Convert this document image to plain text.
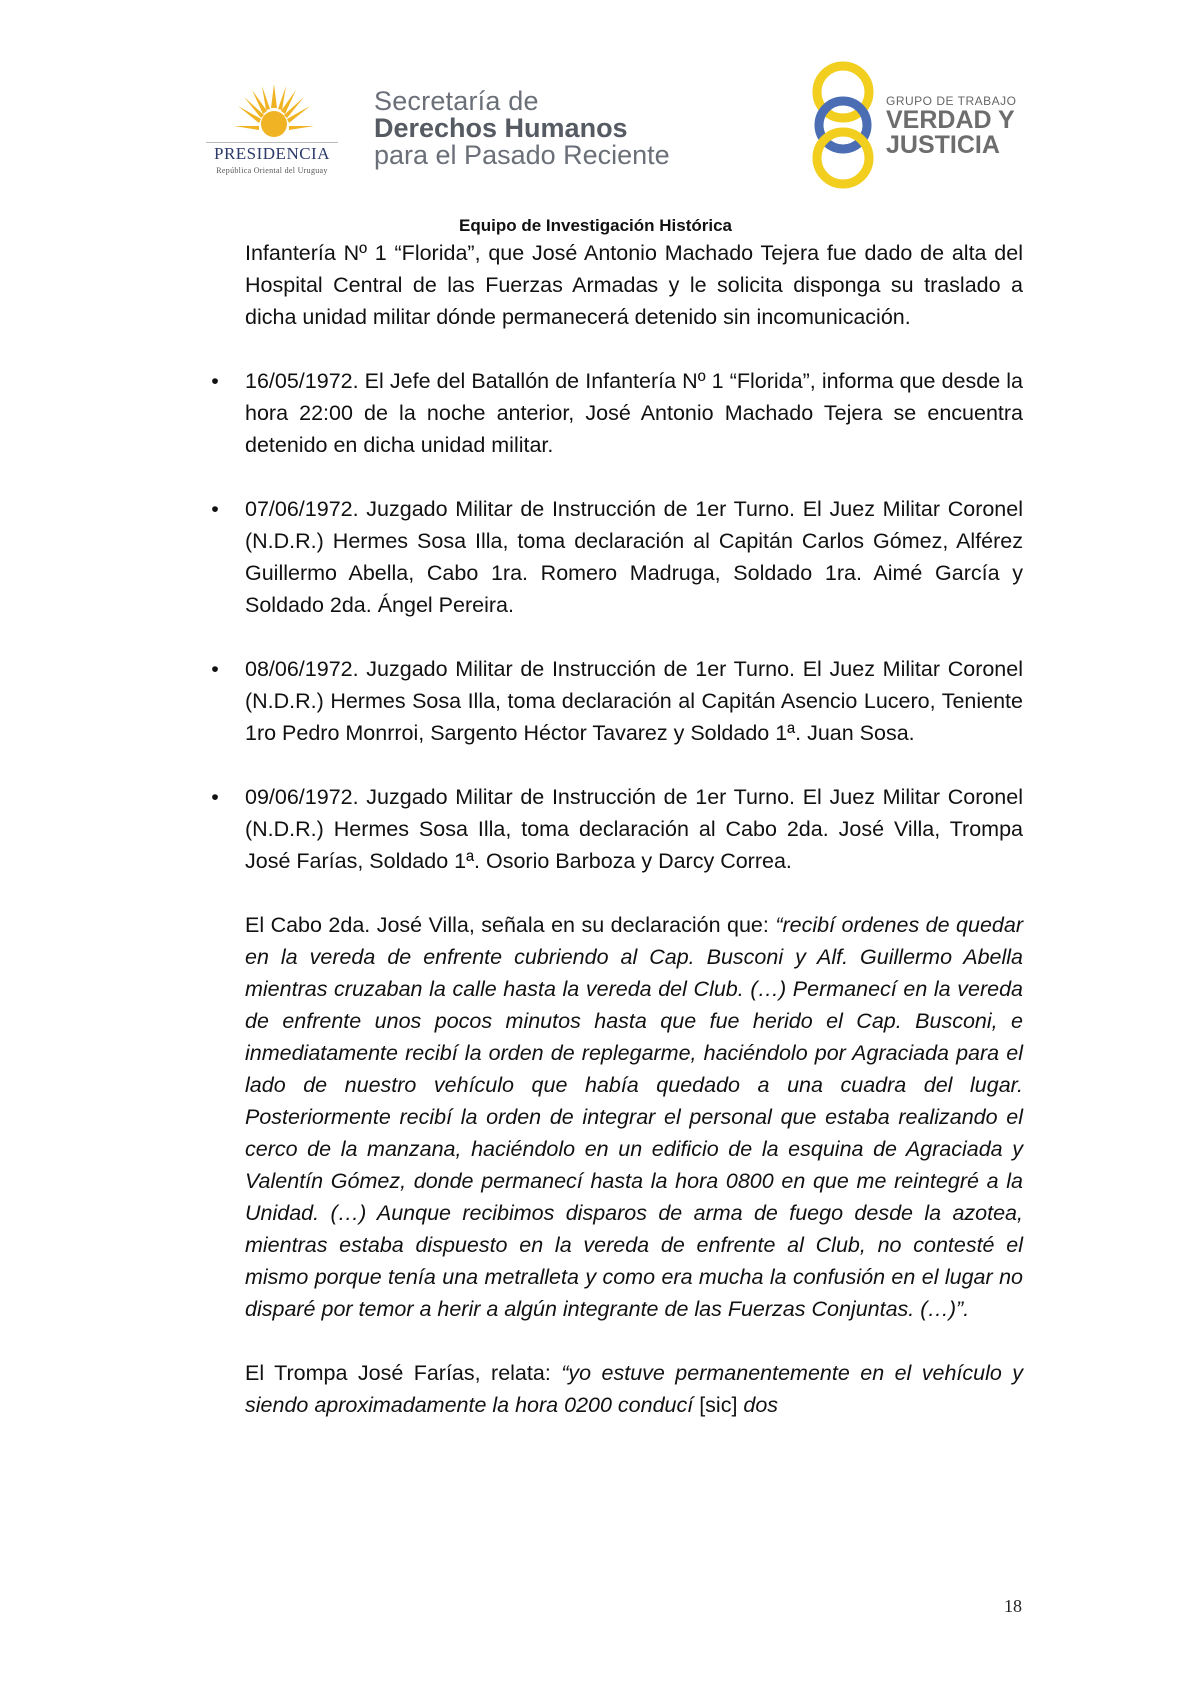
PRESIDENCIA
República Oriental del Uruguay
Secretaría de
Derechos Humanos
para el Pasado Reciente
GRUPO DE TRABAJO
VERDAD Y
JUSTICIA
Equipo de Investigación Histórica

Infantería Nº 1 “Florida”, que José Antonio Machado Tejera fue dado de alta del Hospital Central de las Fuerzas Armadas y le solicita disponga su traslado a dicha unidad militar dónde permanecerá detenido sin incomunicación.

• 16/05/1972. El Jefe del Batallón de Infantería Nº 1 “Florida”, informa que desde la hora 22:00 de la noche anterior, José Antonio Machado Tejera se encuentra detenido en dicha unidad militar.

• 07/06/1972. Juzgado Militar de Instrucción de 1er Turno. El Juez Militar Coronel (N.D.R.) Hermes Sosa Illa, toma declaración al Capitán Carlos Gómez, Alférez Guillermo Abella, Cabo 1ra. Romero Madruga, Soldado 1ra. Aimé García y Soldado 2da. Ángel Pereira.

• 08/06/1972. Juzgado Militar de Instrucción de 1er Turno. El Juez Militar Coronel (N.D.R.) Hermes Sosa Illa, toma declaración al Capitán Asencio Lucero, Teniente 1ro Pedro Monrroi, Sargento Héctor Tavarez y Soldado 1ª. Juan Sosa.

• 09/06/1972. Juzgado Militar de Instrucción de 1er Turno. El Juez Militar Coronel (N.D.R.) Hermes Sosa Illa, toma declaración al Cabo 2da. José Villa, Trompa José Farías, Soldado 1ª. Osorio Barboza y Darcy Correa.

El Cabo 2da. José Villa, señala en su declaración que: “recibí ordenes de quedar en la vereda de enfrente cubriendo al Cap. Busconi y Alf. Guillermo Abella mientras cruzaban la calle hasta la vereda del Club. (…) Permanecí en la vereda de enfrente unos pocos minutos hasta que fue herido el Cap. Busconi, e inmediatamente recibí la orden de replegarme, haciéndolo por Agraciada para el lado de nuestro vehículo que había quedado a una cuadra del lugar. Posteriormente recibí la orden de integrar el personal que estaba realizando el cerco de la manzana, haciéndolo en un edificio de la esquina de Agraciada y Valentín Gómez, donde permanecí hasta la hora 0800 en que me reintegré a la Unidad. (…) Aunque recibimos disparos de arma de fuego desde la azotea, mientras estaba dispuesto en la vereda de enfrente al Club, no contesté el mismo porque tenía una metralleta y como era mucha la confusión en el lugar no disparé por temor a herir a algún integrante de las Fuerzas Conjuntas. (…)”.

El Trompa José Farías, relata: “yo estuve permanentemente en el vehículo y siendo aproximadamente la hora 0200 conducí [sic] dos

18
